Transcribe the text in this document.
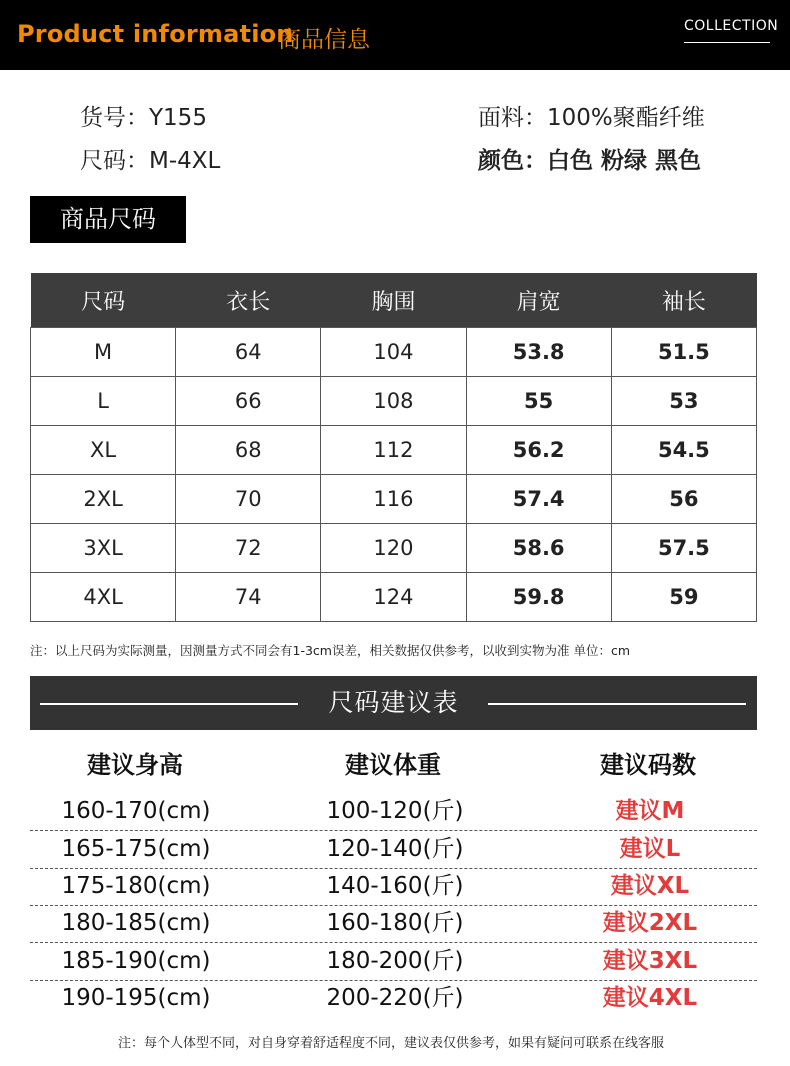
Product information
商品信息
COLLECTION
货号：Y155
尺码：M-4XL
面料：100%聚酯纤维
颜色：白色 粉绿 黑色
商品尺码
尺码	衣长	胸围	肩宽	袖长
M	64	104	53.8	51.5
L	66	108	55	53
XL	68	112	56.2	54.5
2XL	70	116	57.4	56
3XL	72	120	58.6	57.5
4XL	74	124	59.8	59
注：以上尺码为实际测量，因测量方式不同会有1-3cm误差，相关数据仅供参考，以收到实物为准 单位：cm
尺码建议表
建议身高	建议体重	建议码数
160-170(cm)	100-120(斤)	建议M
165-175(cm)	120-140(斤)	建议L
175-180(cm)	140-160(斤)	建议XL
180-185(cm)	160-180(斤)	建议2XL
185-190(cm)	180-200(斤)	建议3XL
190-195(cm)	200-220(斤)	建议4XL
注：每个人体型不同，对自身穿着舒适程度不同，建议表仅供参考，如果有疑问可联系在线客服
